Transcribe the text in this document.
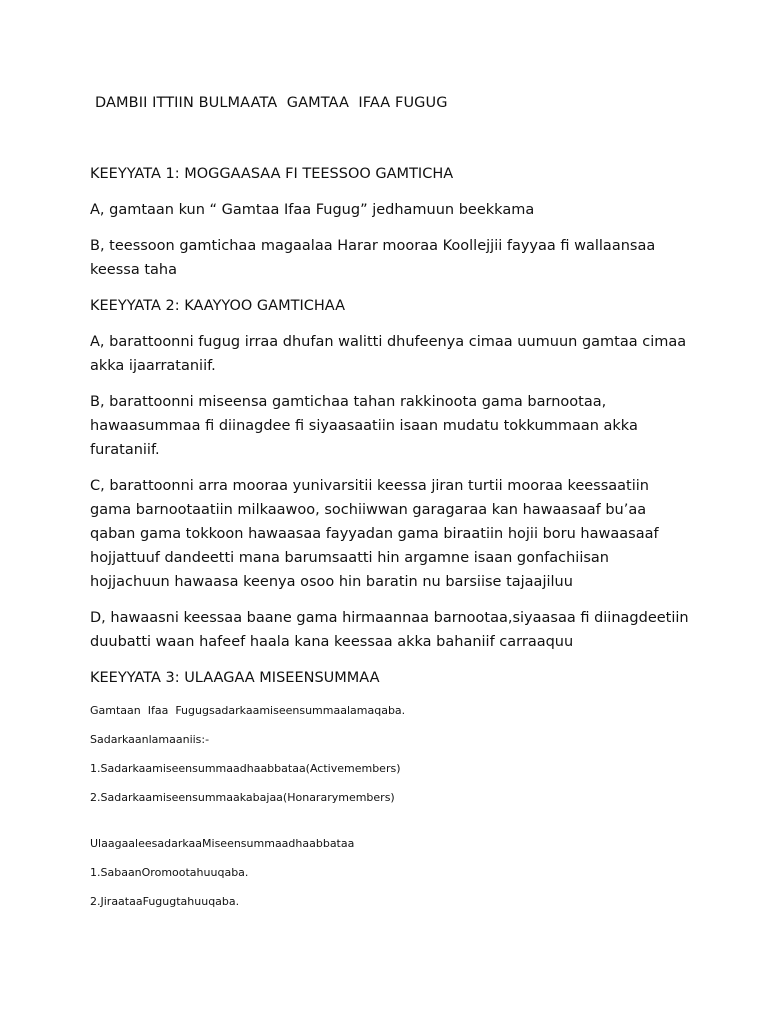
DAMBII ITTIIN BULMAATA  GAMTAA  IFAA FUGUG
KEEYYATA 1: MOGGAASAA FI TEESSOO GAMTICHA
A, gamtaan kun “ Gamtaa Ifaa Fugug” jedhamuun beekkama
B, teessoon gamtichaa magaalaa Harar mooraa Koollejjii fayyaa fi wallaansaa keessa taha
KEEYYATA 2: KAAYYOO GAMTICHAA
A, barattoonni fugug irraa dhufan walitti dhufeenya cimaa uumuun gamtaa cimaa akka ijaarrataniif.
B, barattoonni miseensa gamtichaa tahan rakkinoota gama barnootaa, hawaasummaa fi diinagdee fi siyaasaatiin isaan mudatu tokkummaan akka furataniif.
C, barattoonni arra mooraa yunivarsitii keessa jiran turtii mooraa keessaatiin gama barnootaatiin milkaawoo, sochiiwwan garagaraa kan hawaasaaf bu’aa qaban gama tokkoon hawaasaa fayyadan gama biraatiin hojii boru hawaasaaf hojjattuuf dandeetti mana barumsaatti hin argamne isaan gonfachiisan hojjachuun hawaasa keenya osoo hin baratin nu barsiise tajaajiluu
D, hawaasni keessaa baane gama hirmaannaa barnootaa,siyaasaa fi diinagdeetiin duubatti waan hafeef haala kana keessaa akka bahaniif carraaquu
KEEYYATA 3: ULAAGAA MISEENSUMMAA
Gamtaan  Ifaa  Fugugsadarkaamiseensummaalamaqaba.
Sadarkaanlamaaniis:-
1.Sadarkaamiseensummaadhaabbataa(Activemembers)
2.Sadarkaamiseensummaakabajaa(Honararymembers)
UlaagaaleesadarkaaMiseensummaadhaabbataa
1.SabaanOromootahuuqaba.
2.JiraataaFugugtahuuqaba.
